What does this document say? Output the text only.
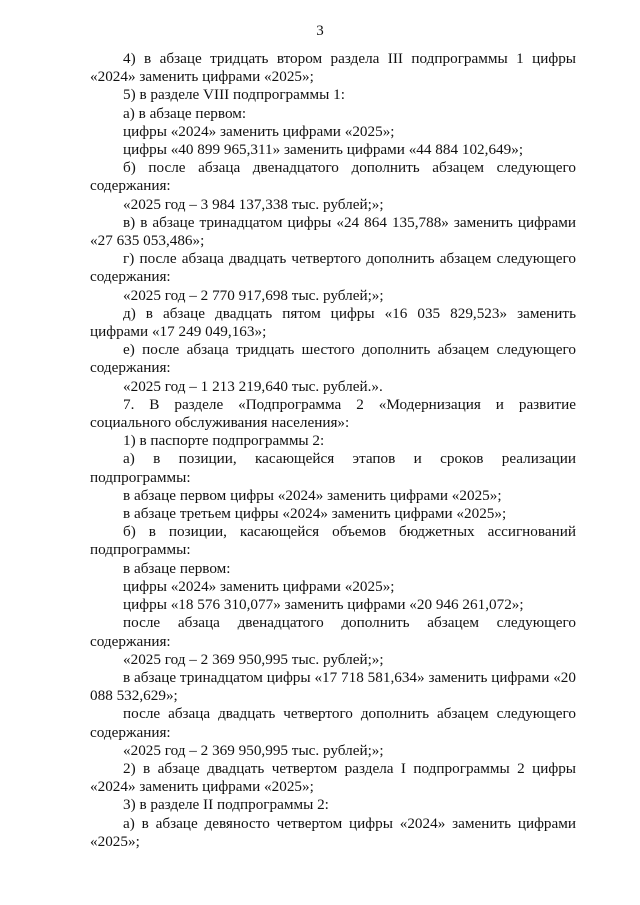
3

4) в абзаце тридцать втором раздела III подпрограммы 1 цифры «2024» заменить цифрами «2025»;

5) в разделе VIII подпрограммы 1:

а) в абзаце первом:

цифры «2024» заменить цифрами «2025»;

цифры «40 899 965,311» заменить цифрами «44 884 102,649»;

б) после абзаца двенадцатого дополнить абзацем следующего содержания:

«2025 год – 3 984 137,338 тыс. рублей;»;

в) в абзаце тринадцатом цифры «24 864 135,788» заменить цифрами «27 635 053,486»;

г) после абзаца двадцать четвертого дополнить абзацем следующего содержания:

«2025 год – 2 770 917,698 тыс. рублей;»;

д) в абзаце двадцать пятом цифры «16 035 829,523» заменить цифрами «17 249 049,163»;

е) после абзаца тридцать шестого дополнить абзацем следующего содержания:

«2025 год – 1 213 219,640 тыс. рублей.».

7. В разделе «Подпрограмма 2 «Модернизация и развитие социального обслуживания населения»:

1) в паспорте подпрограммы 2:

а) в позиции, касающейся этапов и сроков реализации подпрограммы:

в абзаце первом цифры «2024» заменить цифрами «2025»;

в абзаце третьем цифры «2024» заменить цифрами «2025»;

б) в позиции, касающейся объемов бюджетных ассигнований подпрограммы:

в абзаце первом:

цифры «2024» заменить цифрами «2025»;

цифры «18 576 310,077» заменить цифрами «20 946 261,072»;

после абзаца двенадцатого дополнить абзацем следующего содержания:

«2025 год – 2 369 950,995 тыс. рублей;»;

в абзаце тринадцатом цифры «17 718 581,634» заменить цифрами «20 088 532,629»;

после абзаца двадцать четвертого дополнить абзацем следующего содержания:

«2025 год – 2 369 950,995 тыс. рублей;»;

2) в абзаце двадцать четвертом раздела I подпрограммы 2 цифры «2024» заменить цифрами «2025»;

3) в разделе II подпрограммы 2:

а) в абзаце девяносто четвертом цифры «2024» заменить цифрами «2025»;
